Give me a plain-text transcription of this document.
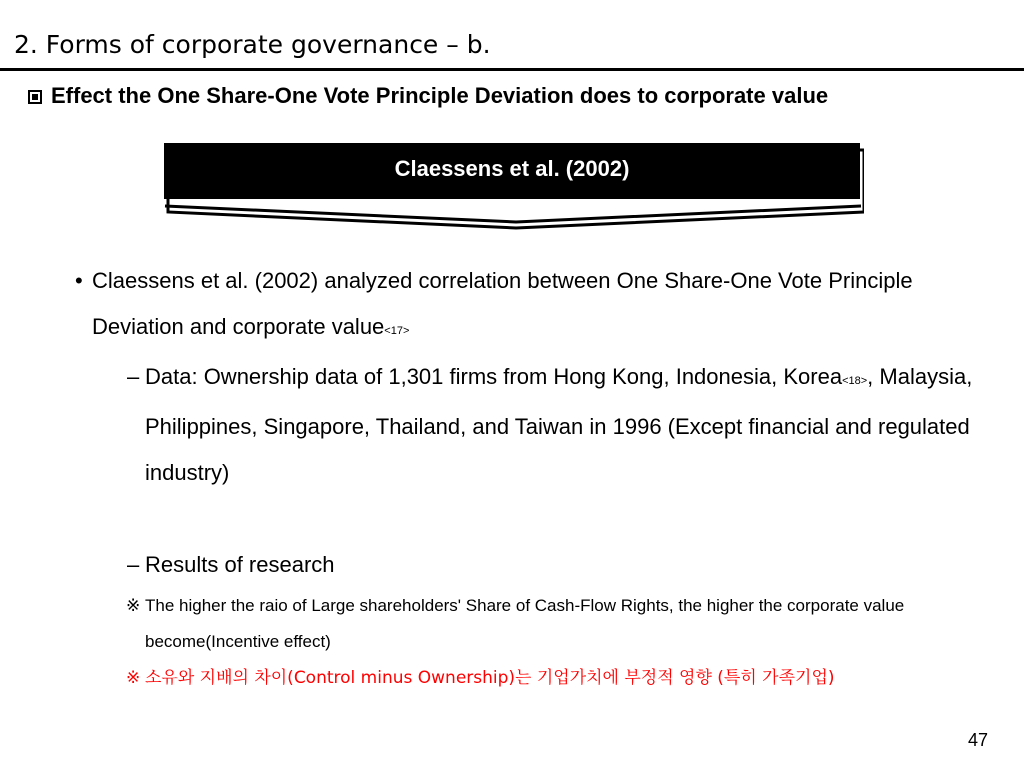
2. Forms of corporate governance – b.
Effect the One Share-One Vote Principle Deviation does to corporate value
Claessens et al. (2002)
• Claessens et al. (2002) analyzed correlation between One Share-One Vote Principle Deviation and corporate value<17>
– Data: Ownership data of 1,301 firms from Hong Kong, Indonesia, Korea<18>, Malaysia, Philippines, Singapore, Thailand, and Taiwan in 1996 (Except financial and regulated industry)
– Results of research
※ The higher the raio of Large shareholders' Share of Cash-Flow Rights, the higher the corporate value become(Incentive effect)
※ 소유와 지배의 차이(Control minus Ownership)는 기업가치에 부정적 영향 (특히 가족기업)
47
